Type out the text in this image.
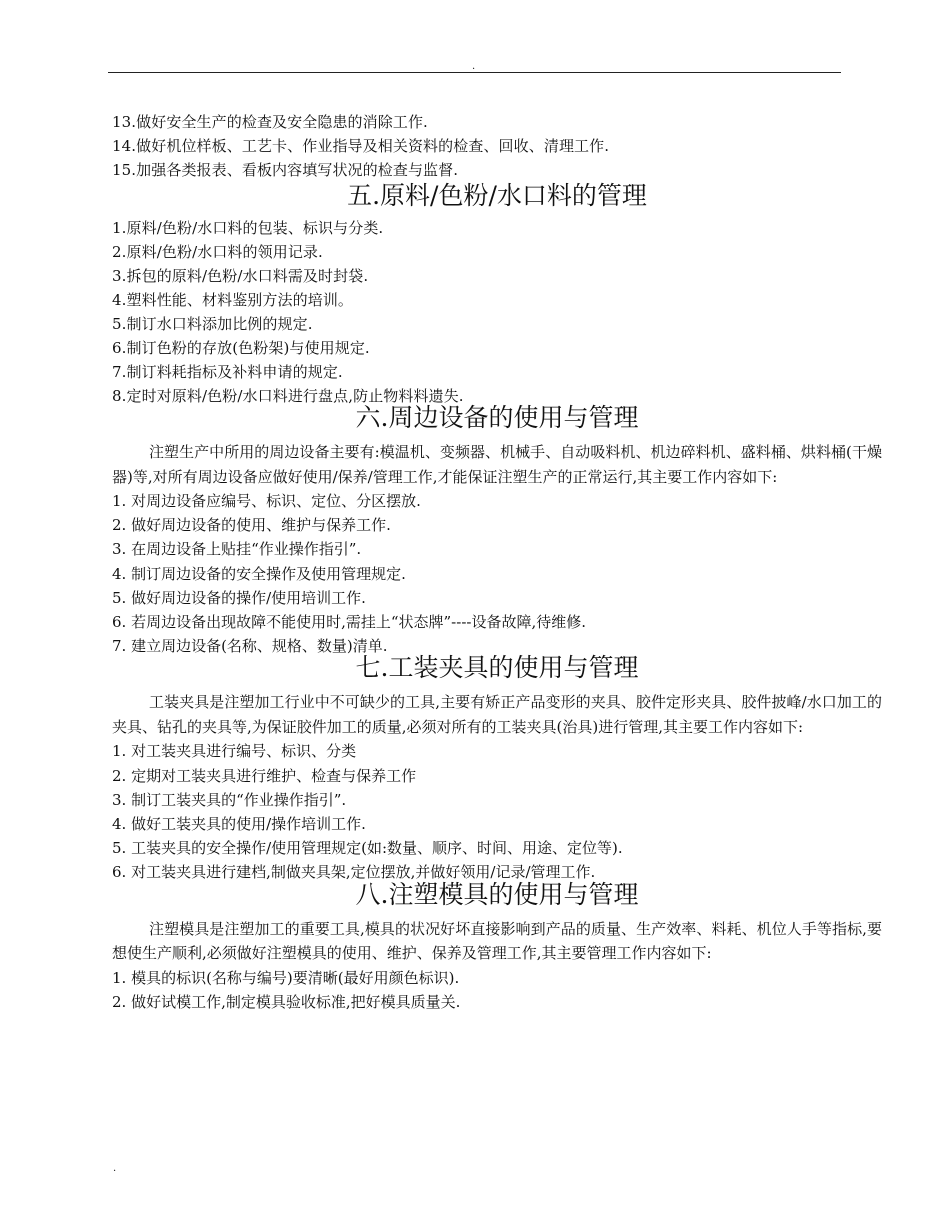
.
13.做好安全生产的检查及安全隐患的消除工作.
14.做好机位样板、工艺卡、作业指导及相关资料的检查、回收、清理工作.
15.加强各类报表、看板内容填写状况的检查与监督.
五.原料/色粉/水口料的管理
1.原料/色粉/水口料的包装、标识与分类.
2.原料/色粉/水口料的领用记录.
3.拆包的原料/色粉/水口料需及时封袋.
4.塑料性能、材料鉴别方法的培训。
5.制订水口料添加比例的规定.
6.制订色粉的存放(色粉架)与使用规定.
7.制订料耗指标及补料申请的规定.
8.定时对原料/色粉/水口料进行盘点,防止物料料遗失.
六.周边设备的使用与管理
注塑生产中所用的周边设备主要有:模温机、变频器、机械手、自动吸料机、机边碎料机、盛料桶、烘料桶(干燥器)等,对所有周边设备应做好使用/保养/管理工作,才能保证注塑生产的正常运行,其主要工作内容如下:
1. 对周边设备应编号、标识、定位、分区摆放.
2. 做好周边设备的使用、维护与保养工作.
3. 在周边设备上贴挂“作业操作指引”.
4. 制订周边设备的安全操作及使用管理规定.
5. 做好周边设备的操作/使用培训工作.
6. 若周边设备出现故障不能使用时,需挂上“状态牌”----设备故障,待维修.
7. 建立周边设备(名称、规格、数量)清单.
七.工装夹具的使用与管理
工装夹具是注塑加工行业中不可缺少的工具,主要有矫正产品变形的夹具、胶件定形夹具、胶件披峰/水口加工的夹具、钻孔的夹具等,为保证胶件加工的质量,必须对所有的工装夹具(治具)进行管理,其主要工作内容如下:
1. 对工装夹具进行编号、标识、分类
2. 定期对工装夹具进行维护、检查与保养工作
3. 制订工装夹具的“作业操作指引”.
4. 做好工装夹具的使用/操作培训工作.
5. 工装夹具的安全操作/使用管理规定(如:数量、顺序、时间、用途、定位等).
6. 对工装夹具进行建档,制做夹具架,定位摆放,并做好领用/记录/管理工作.
八.注塑模具的使用与管理
注塑模具是注塑加工的重要工具,模具的状况好坏直接影响到产品的质量、生产效率、料耗、机位人手等指标,要想使生产顺利,必须做好注塑模具的使用、维护、保养及管理工作,其主要管理工作内容如下:
1. 模具的标识(名称与编号)要清晰(最好用颜色标识).
2. 做好试模工作,制定模具验收标准,把好模具质量关.
.
